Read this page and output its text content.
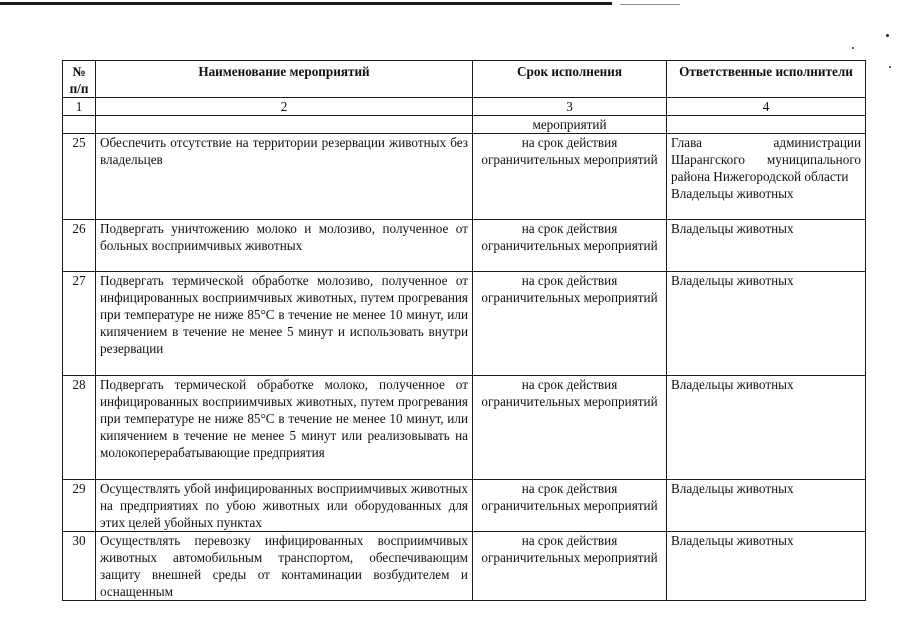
№ п/п	Наименование мероприятий	Срок исполнения	Ответственные исполнители
1	2	3	4
		мероприятий	
25	Обеспечить отсутствие на территории резервации животных без владельцев	на срок действия ограничительных мероприятий	Глава администрации Шарангского муниципального района Нижегородской области
Владельцы животных

26	Подвергать уничтожению молоко и молозиво, полученное от больных восприимчивых животных	на срок действия ограничительных мероприятий	Владельцы животных
27	Подвергать термической обработке молозиво, полученное от инфицированных восприимчивых животных, путем прогревания при температуре не ниже 85°С в течение не менее 10 минут, или кипячением в течение не менее 5 минут и использовать внутри резервации	на срок действия ограничительных мероприятий	Владельцы животных
28	Подвергать термической обработке молоко, полученное от инфицированных восприимчивых животных, путем прогревания при температуре не ниже 85°С в течение не менее 10 минут, или кипячением в течение не менее 5 минут или реализовывать на молокоперерабатывающие предприятия	на срок действия ограничительных мероприятий	Владельцы животных
29	Осуществлять убой инфицированных восприимчивых животных на предприятиях по убою животных или оборудованных для этих целей убойных пунктах	на срок действия ограничительных мероприятий	Владельцы животных
30	Осуществлять перевозку инфицированных восприимчивых животных автомобильным транспортом, обеспечивающим защиту внешней среды от контаминации возбудителем и оснащенным	на срок действия ограничительных мероприятий	Владельцы животных
